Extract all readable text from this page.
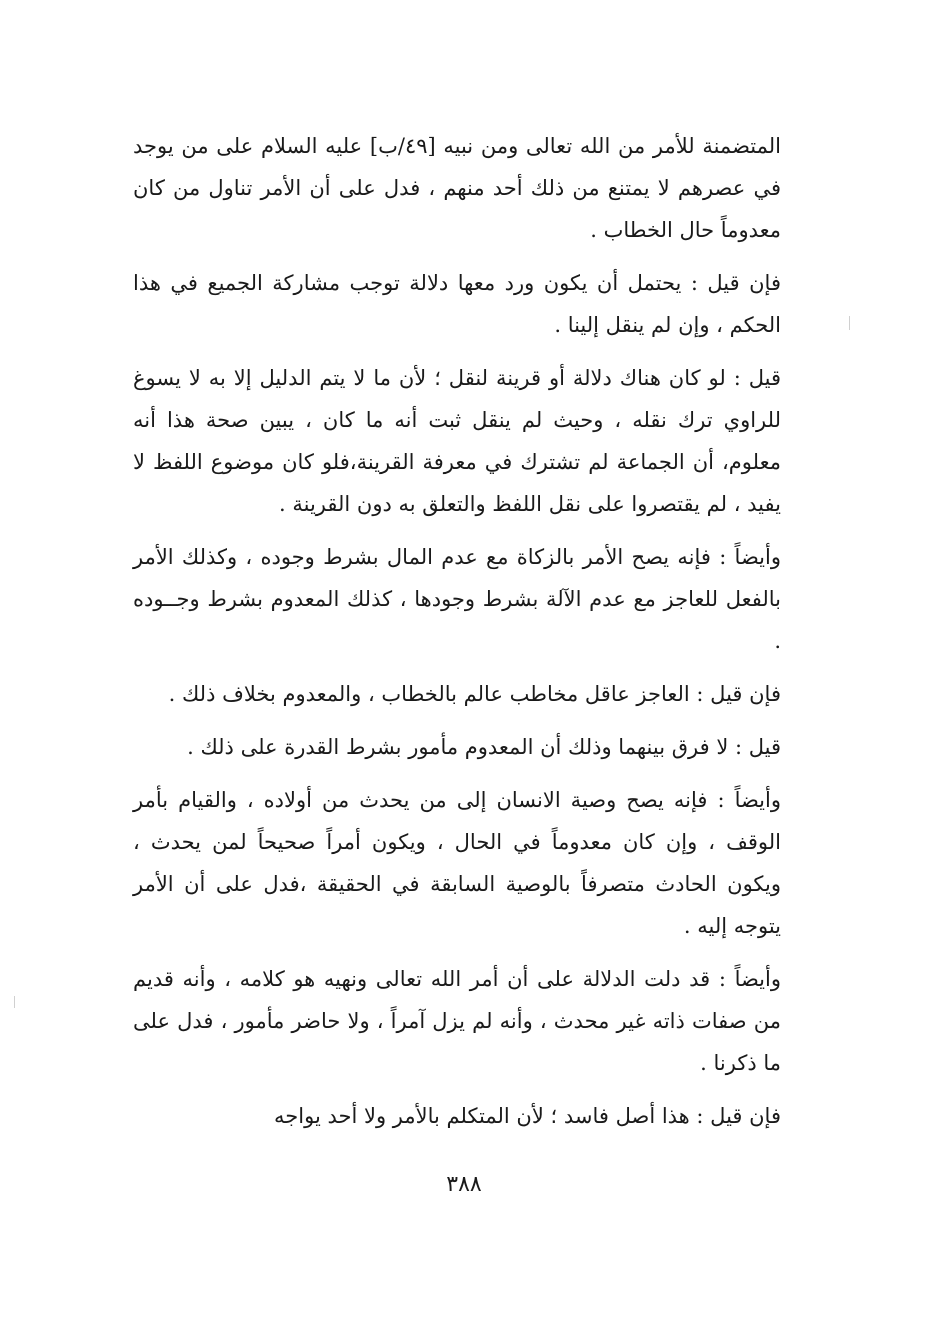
المتضمنة للأمر من الله تعالى ومن نبيه [٤٩/ب] عليه السلام على من يوجد في عصرهم لا يمتنع من ذلك أحد منهم ، فدل على أن الأمر تناول من كان معدوماً حال الخطاب .

فإن قيل : يحتمل أن يكون ورد معها دلالة توجب مشاركة الجميع في هذا الحكم ، وإن لم ينقل إلينا .

قيل : لو كان هناك دلالة أو قرينة لنقل ؛ لأن ما لا يتم الدليل إلا به لا يسوغ للراوي ترك نقله ، وحيث لم ينقل ثبت أنه ما كان ، يبين صحة هذا أنه معلوم، أن الجماعة لم تشترك في معرفة القرينة،فلو كان موضوع اللفظ لا يفيد ، لم يقتصروا على نقل اللفظ والتعلق به دون القرينة .

وأيضاً : فإنه يصح الأمر بالزكاة مع عدم المال بشرط وجوده ، وكذلك الأمر بالفعل للعاجز مع عدم الآلة بشرط وجودها ، كذلك المعدوم بشرط وجــوده .

فإن قيل : العاجز عاقل مخاطب عالم بالخطاب ، والمعدوم بخلاف ذلك .

قيل : لا فرق بينهما وذلك أن المعدوم مأمور بشرط القدرة على ذلك .

وأيضاً : فإنه يصح وصية الانسان إلى من يحدث من أولاده ، والقيام بأمر الوقف ، وإن كان معدوماً في الحال ، ويكون أمراً صحيحاً لمن يحدث ، ويكون الحادث متصرفاً بالوصية السابقة في الحقيقة ،فدل على أن الأمر يتوجه إليه .

وأيضاً : قد دلت الدلالة على أن أمر الله تعالى ونهيه هو كلامه ، وأنه قديم من صفات ذاته غير محدث ، وأنه لم يزل آمراً ، ولا حاضر مأمور ، فدل على ما ذكرنا .

فإن قيل : هذا أصل فاسد ؛ لأن المتكلم بالأمر ولا أحد يواجه

٣٨٨
